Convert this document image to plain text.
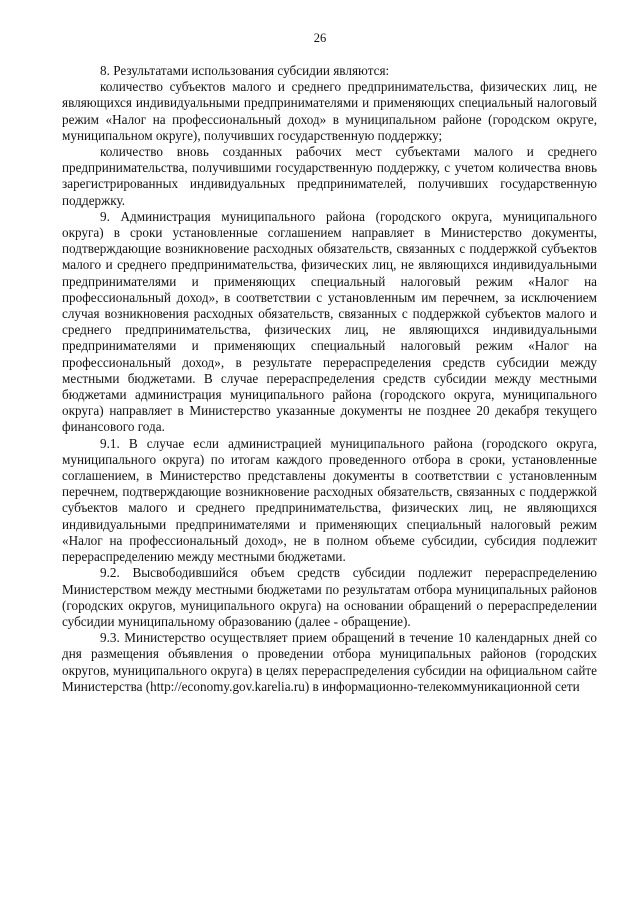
26

8. Результатами использования субсидии являются:

количество субъектов малого и среднего предпринимательства, физических лиц, не являющихся индивидуальными предпринимателями и применяющих специальный налоговый режим «Налог на профессиональный доход» в муниципальном районе (городском округе, муниципальном округе), получивших государственную поддержку;

количество вновь созданных рабочих мест субъектами малого и среднего предпринимательства, получившими государственную поддержку, с учетом количества вновь зарегистрированных индивидуальных предпринимателей, получивших государственную поддержку.

9. Администрация муниципального района (городского округа, муниципального округа) в сроки установленные соглашением направляет в Министерство документы, подтверждающие возникновение расходных обязательств, связанных с поддержкой субъектов малого и среднего предпринимательства, физических лиц, не являющихся индивидуальными предпринимателями и применяющих специальный налоговый режим «Налог на профессиональный доход», в соответствии с установленным им перечнем, за исключением случая возникновения расходных обязательств, связанных с поддержкой субъектов малого и среднего предпринимательства, физических лиц, не являющихся индивидуальными предпринимателями и применяющих специальный налоговый режим «Налог на профессиональный доход», в результате перераспределения средств субсидии между местными бюджетами. В случае перераспределения средств субсидии между местными бюджетами администрация муниципального района (городского округа, муниципального округа) направляет в Министерство указанные документы не позднее 20 декабря текущего финансового года.

9.1. В случае если администрацией муниципального района (городского округа, муниципального округа) по итогам каждого проведенного отбора в сроки, установленные соглашением, в Министерство представлены документы в соответствии с установленным перечнем, подтверждающие возникновение расходных обязательств, связанных с поддержкой субъектов малого и среднего предпринимательства, физических лиц, не являющихся индивидуальными предпринимателями и применяющих специальный налоговый режим «Налог на профессиональный доход», не в полном объеме субсидии, субсидия подлежит перераспределению между местными бюджетами.

9.2. Высвободившийся объем средств субсидии подлежит перераспределению Министерством между местными бюджетами по результатам отбора муниципальных районов (городских округов, муниципального округа) на основании обращений о перераспределении субсидии муниципальному образованию (далее - обращение).

9.3. Министерство осуществляет прием обращений в течение 10 календарных дней со дня размещения объявления о проведении отбора муниципальных районов (городских округов, муниципального округа) в целях перераспределения субсидии на официальном сайте Министерства (http://economy.gov.karelia.ru) в информационно-телекоммуникационной сети
